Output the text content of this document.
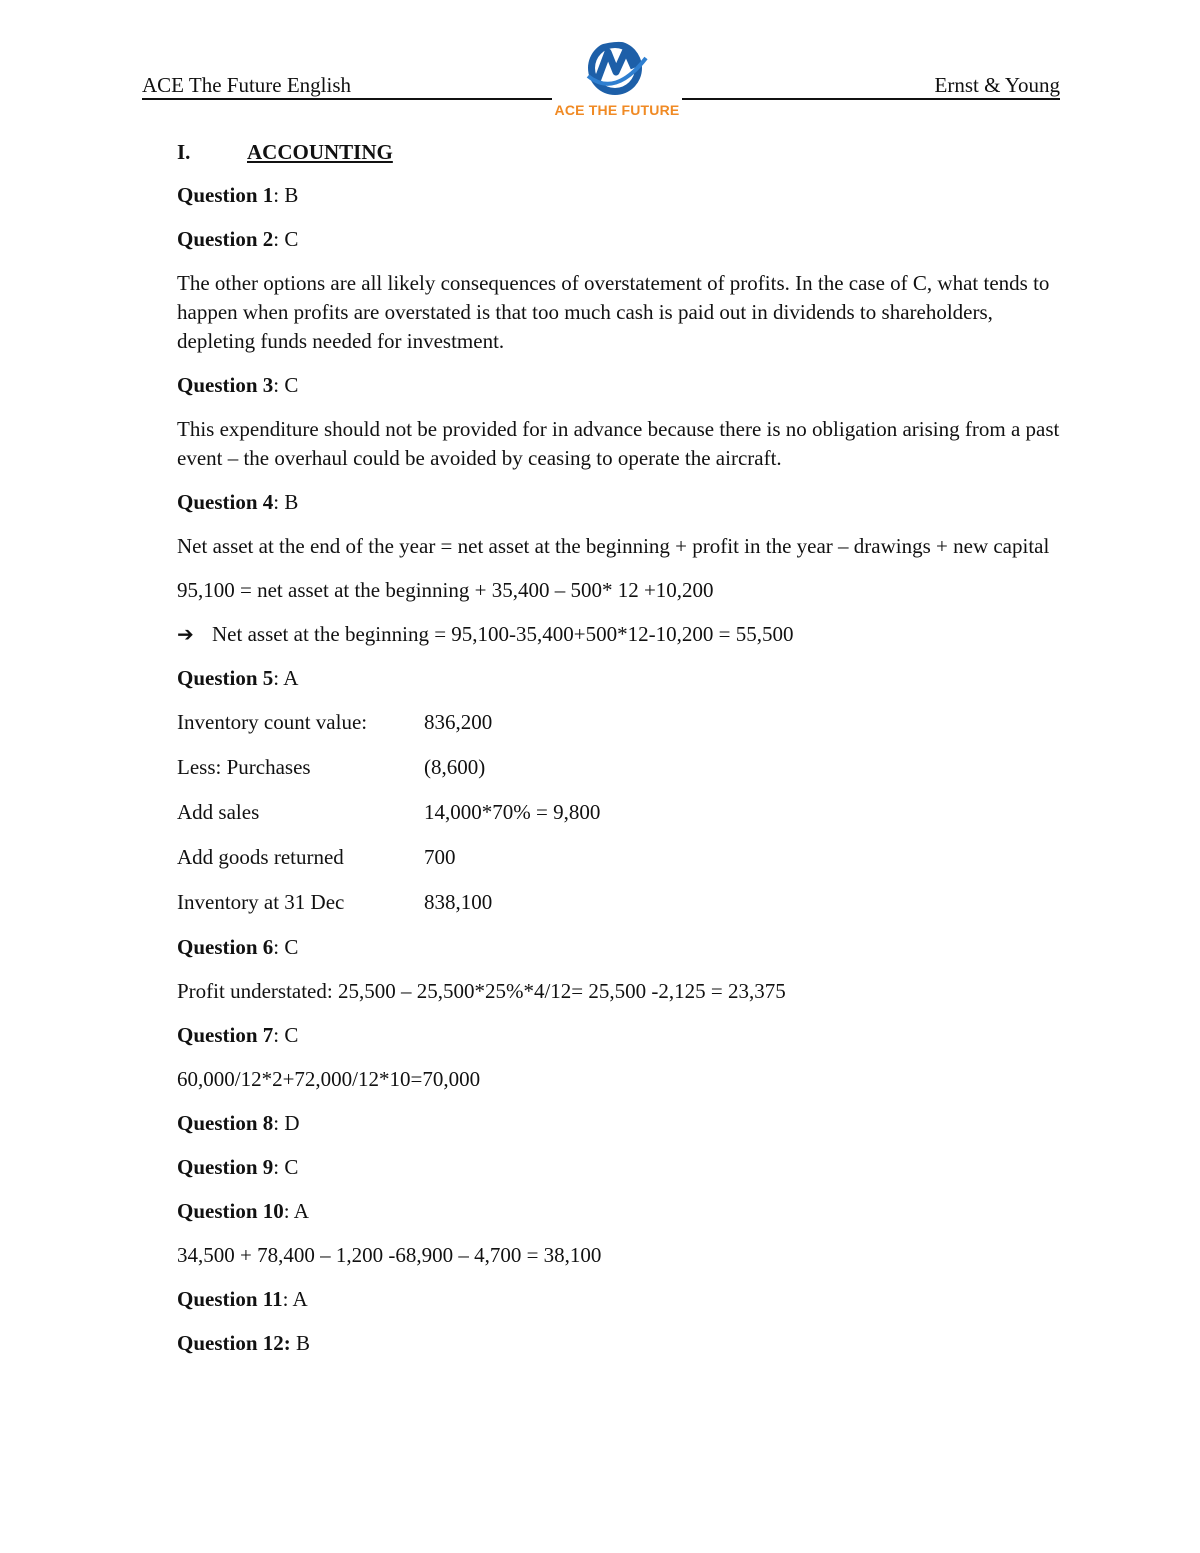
ACE The Future English	Ernst & Young
ACE THE FUTURE
I.	ACCOUNTING
Question 1: B
Question 2: C
The other options are all likely consequences of overstatement of profits. In the case of C, what tends to happen when profits are overstated is that too much cash is paid out in dividends to shareholders, depleting funds needed for investment.
Question 3: C
This expenditure should not be provided for in advance because there is no obligation arising from a past event – the overhaul could be avoided by ceasing to operate the aircraft.
Question 4: B
Net asset at the end of the year = net asset at the beginning + profit in the year – drawings + new capital
95,100 = net asset at the beginning + 35,400 – 500* 12 +10,200
➔ Net asset at the beginning = 95,100-35,400+500*12-10,200 = 55,500
Question 5: A
Inventory count value:	836,200
Less: Purchases	(8,600)
Add sales	14,000*70% = 9,800
Add goods returned	700
Inventory at 31 Dec	838,100
Question 6: C
Profit understated: 25,500 – 25,500*25%*4/12= 25,500 -2,125 = 23,375
Question 7: C
60,000/12*2+72,000/12*10=70,000
Question 8: D
Question 9: C
Question 10: A
34,500 + 78,400 – 1,200 -68,900 – 4,700 = 38,100
Question 11: A
Question 12: B
